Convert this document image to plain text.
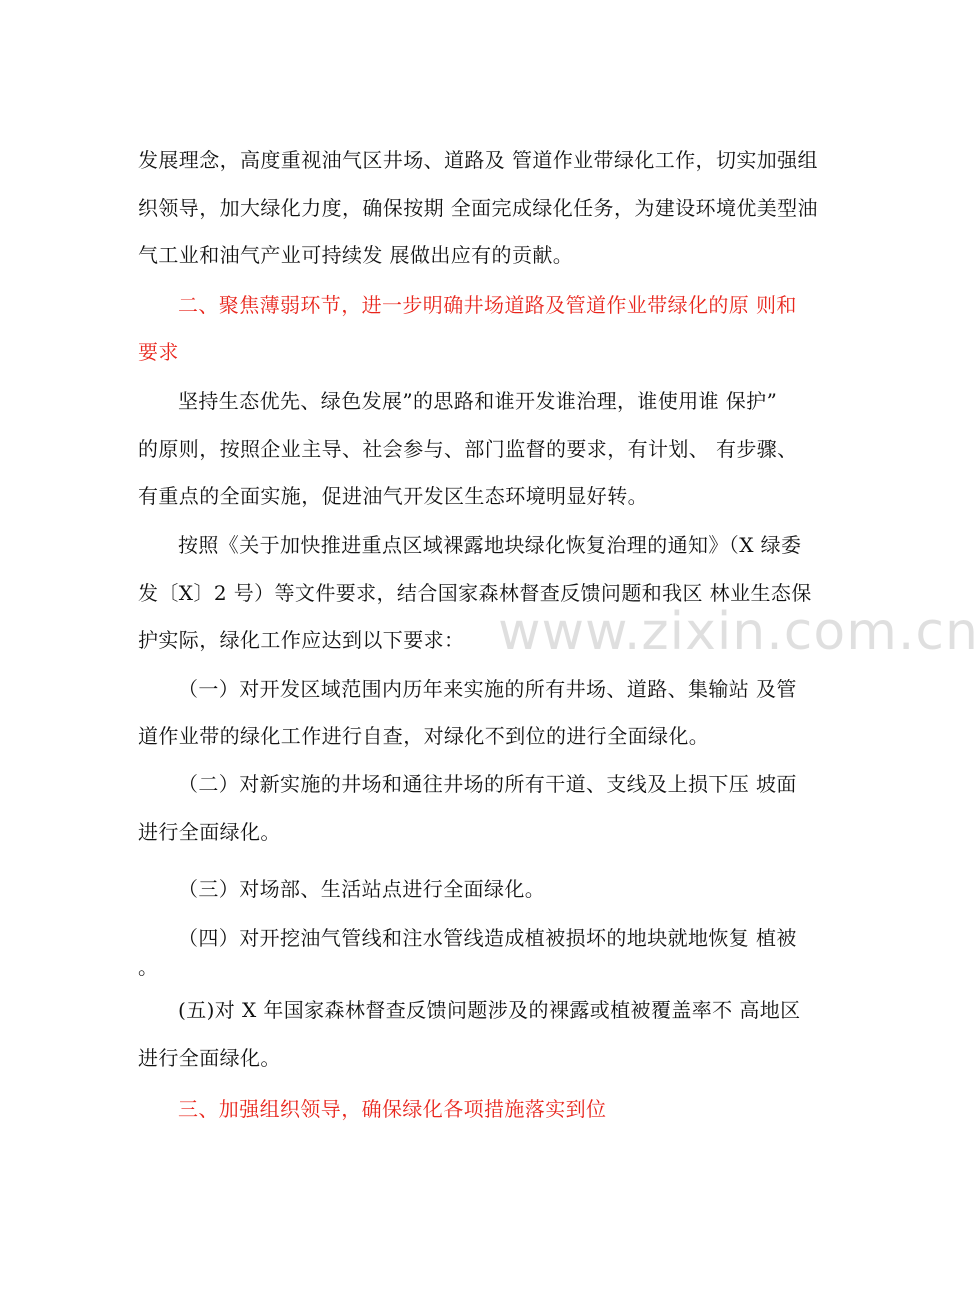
发展理念，高度重视油气区井场、道路及 管道作业带绿化工作，切实加强组
织领导，加大绿化力度，确保按期 全面完成绿化任务，为建设环境优美型油
气工业和油气产业可持续发 展做出应有的贡献。
二、聚焦薄弱环节，进一步明确井场道路及管道作业带绿化的原 则和
要求
坚持生态优先、绿色发展”的思路和谁开发谁治理，谁使用谁 保护”
的原则，按照企业主导、社会参与、部门监督的要求，有计划、 有步骤、
有重点的全面实施，促进油气开发区生态环境明显好转。
按照《关于加快推进重点区域裸露地块绿化恢复治理的通知》（X 绿委
发〔X〕2 号）等文件要求，结合国家森林督查反馈问题和我区 林业生态保
护实际，绿化工作应达到以下要求：
（一）对开发区域范围内历年来实施的所有井场、道路、集输站 及管
道作业带的绿化工作进行自查，对绿化不到位的进行全面绿化。
（二）对新实施的井场和通往井场的所有干道、支线及上损下压 坡面
进行全面绿化。
（三）对场部、生活站点进行全面绿化。
（四）对开挖油气管线和注水管线造成植被损坏的地块就地恢复 植被
。
(五)对 X 年国家森林督查反馈问题涉及的裸露或植被覆盖率不 高地区
进行全面绿化。
三、加强组织领导，确保绿化各项措施落实到位
www.zixin.com.cn
